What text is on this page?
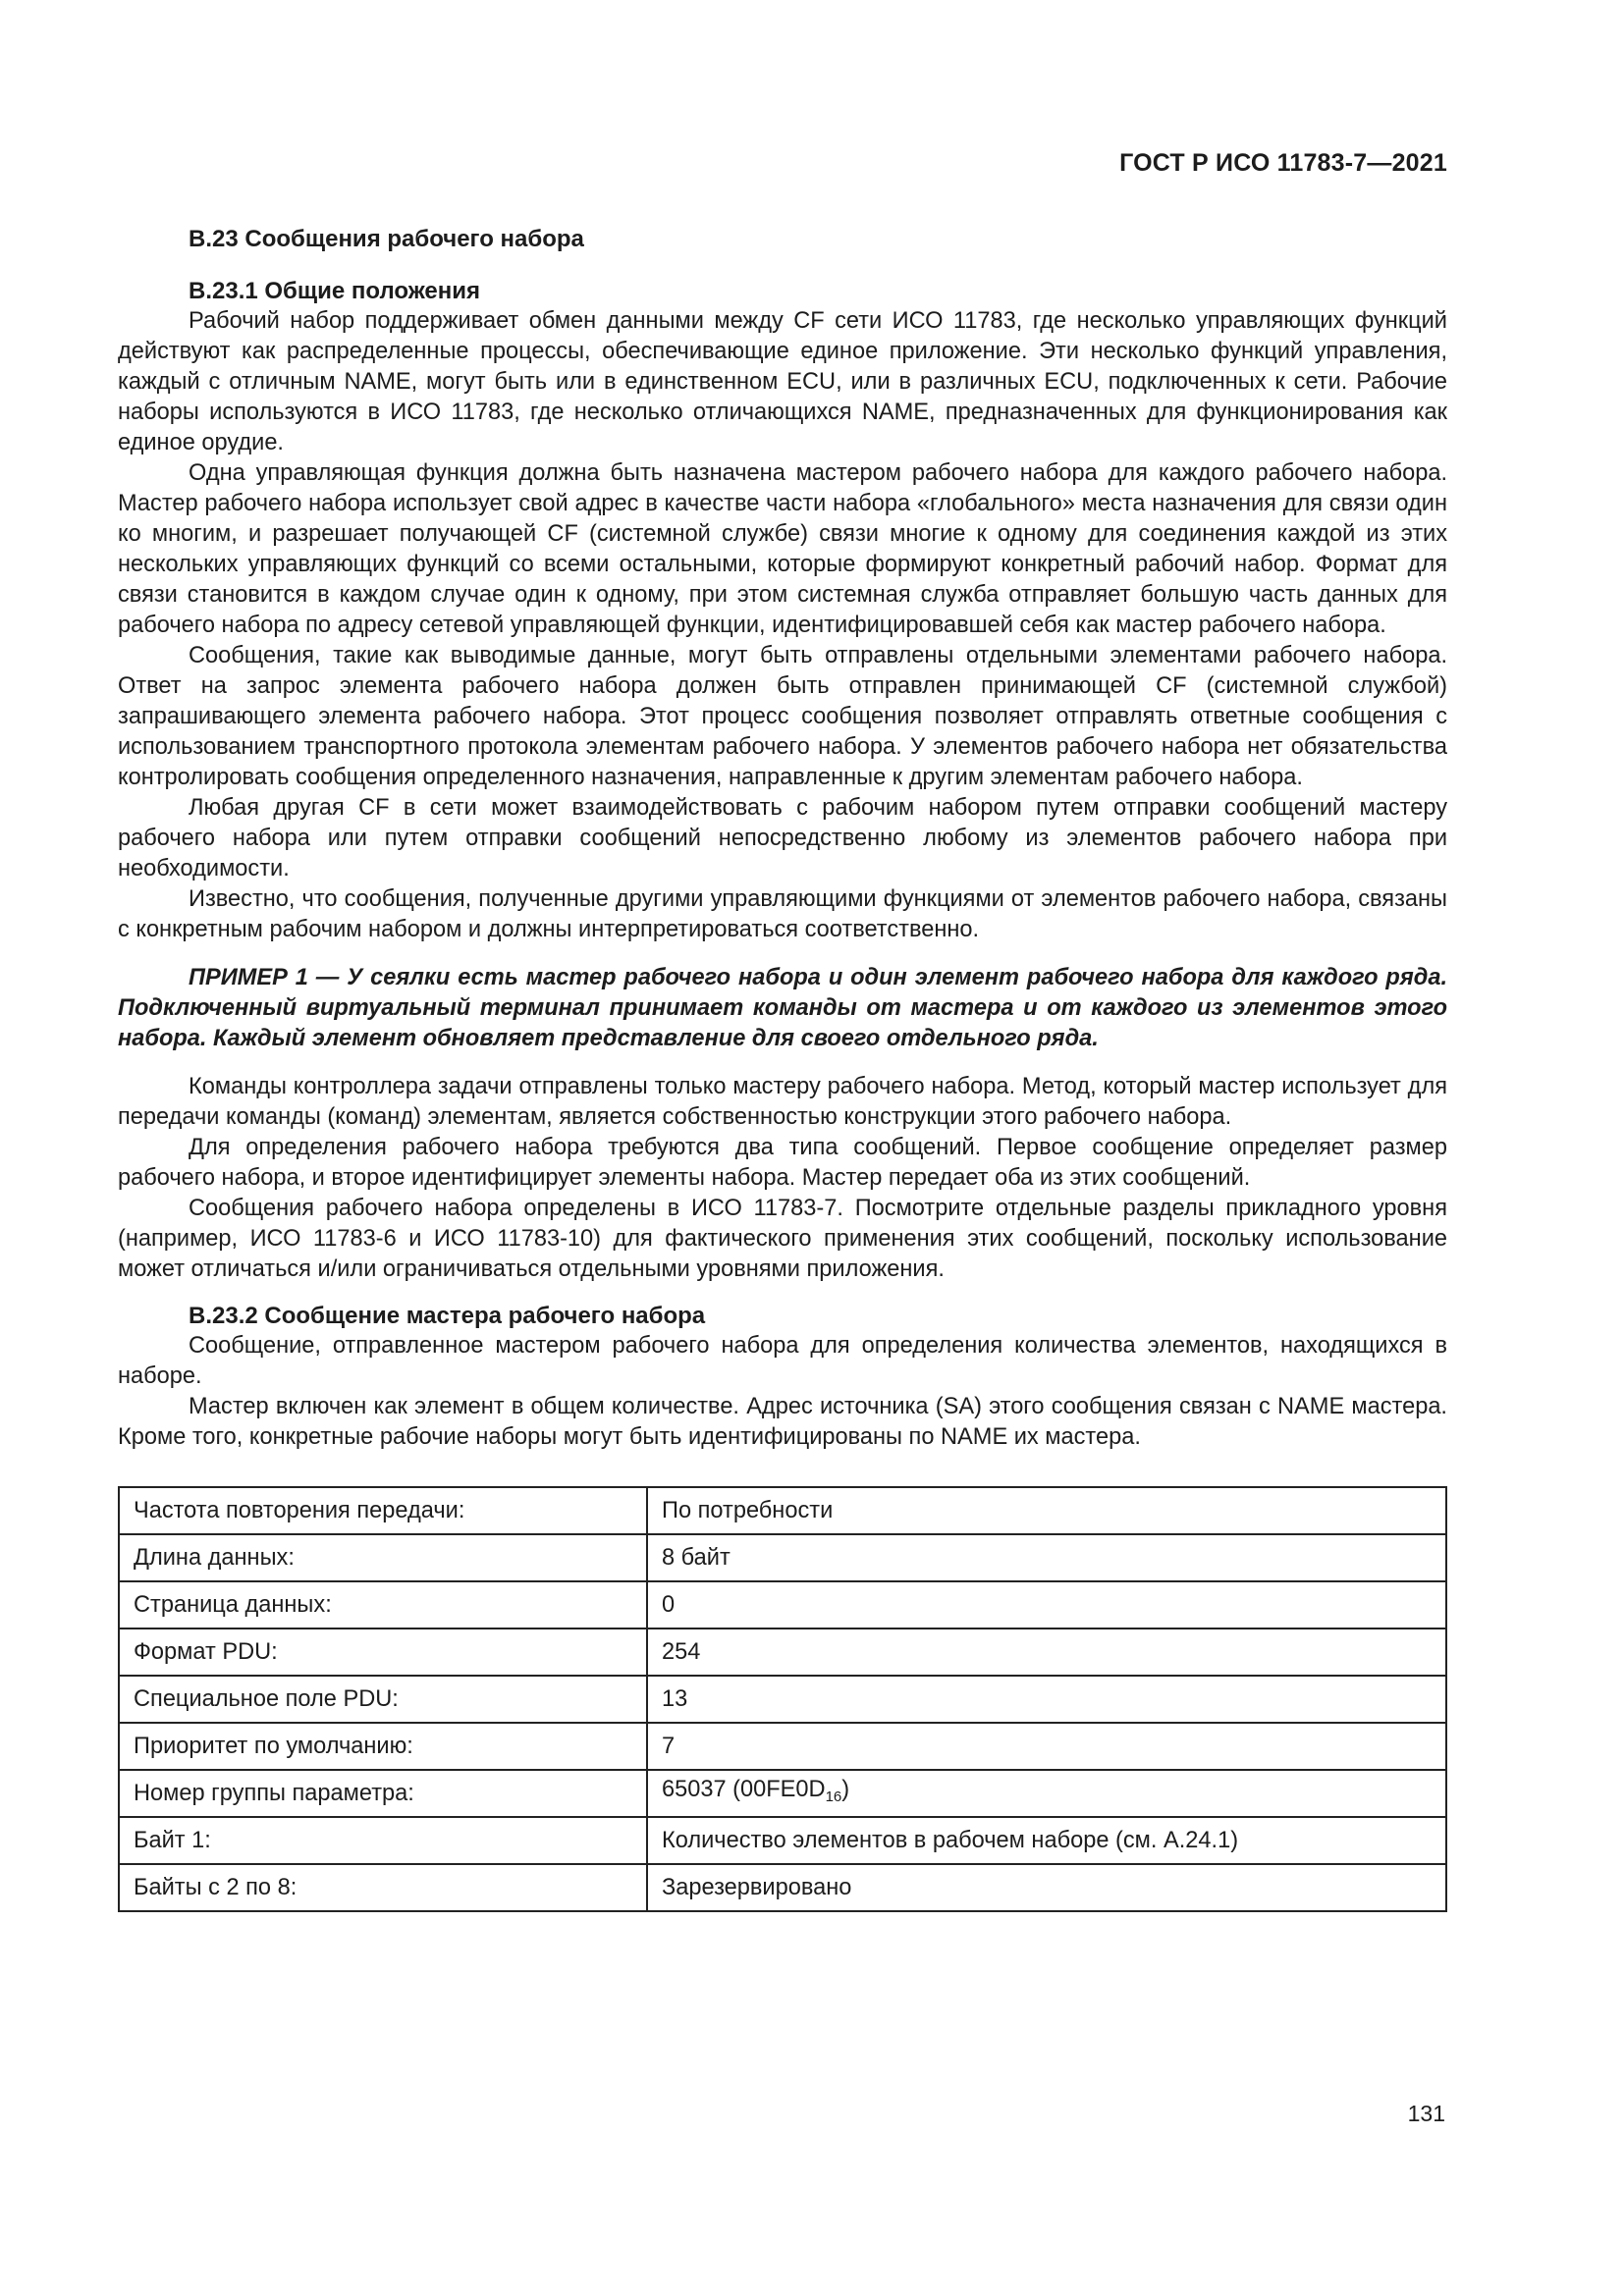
ГОСТ Р ИСО 11783-7—2021
B.23 Сообщения рабочего набора
B.23.1 Общие положения

Рабочий набор поддерживает обмен данными между CF сети ИСО 11783, где несколько управляющих функций действуют как распределенные процессы, обеспечивающие единое приложение. Эти несколько функций управления, каждый с отличным NAME, могут быть или в единственном ECU, или в различных ECU, подключенных к сети. Рабочие наборы используются в ИСО 11783, где несколько отличающихся NAME, предназначенных для функционирования как единое орудие.

Одна управляющая функция должна быть назначена мастером рабочего набора для каждого рабочего набора. Мастер рабочего набора использует свой адрес в качестве части набора «глобального» места назначения для связи один ко многим, и разрешает получающей CF (системной службе) связи многие к одному для соединения каждой из этих нескольких управляющих функций со всеми остальными, которые формируют конкретный рабочий набор. Формат для связи становится в каждом случае один к одному, при этом системная служба отправляет большую часть данных для рабочего набора по адресу сетевой управляющей функции, идентифицировавшей себя как мастер рабочего набора.

Сообщения, такие как выводимые данные, могут быть отправлены отдельными элементами рабочего набора. Ответ на запрос элемента рабочего набора должен быть отправлен принимающей CF (системной службой) запрашивающего элемента рабочего набора. Этот процесс сообщения позволяет отправлять ответные сообщения с использованием транспортного протокола элементам рабочего набора. У элементов рабочего набора нет обязательства контролировать сообщения определенного назначения, направленные к другим элементам рабочего набора.

Любая другая CF в сети может взаимодействовать с рабочим набором путем отправки сообщений мастеру рабочего набора или путем отправки сообщений непосредственно любому из элементов рабочего набора при необходимости.

Известно, что сообщения, полученные другими управляющими функциями от элементов рабочего набора, связаны с конкретным рабочим набором и должны интерпретироваться соответственно.

ПРИМЕР 1 — У сеялки есть мастер рабочего набора и один элемент рабочего набора для каждого ряда. Подключенный виртуальный терминал принимает команды от мастера и от каждого из элементов этого набора. Каждый элемент обновляет представление для своего отдельного ряда.

Команды контроллера задачи отправлены только мастеру рабочего набора. Метод, который мастер использует для передачи команды (команд) элементам, является собственностью конструкции этого рабочего набора.

Для определения рабочего набора требуются два типа сообщений. Первое сообщение определяет размер рабочего набора, и второе идентифицирует элементы набора. Мастер передает оба из этих сообщений.

Сообщения рабочего набора определены в ИСО 11783-7. Посмотрите отдельные разделы прикладного уровня (например, ИСО 11783-6 и ИСО 11783-10) для фактического применения этих сообщений, поскольку использование может отличаться и/или ограничиваться отдельными уровнями приложения.

B.23.2 Сообщение мастера рабочего набора

Сообщение, отправленное мастером рабочего набора для определения количества элементов, находящихся в наборе.

Мастер включен как элемент в общем количестве. Адрес источника (SA) этого сообщения связан с NAME мастера. Кроме того, конкретные рабочие наборы могут быть идентифицированы по NAME их мастера.

Частота повторения передачи:	По потребности
Длина данных:	8 байт
Страница данных:	0
Формат PDU:	254
Специальное поле PDU:	13
Приоритет по умолчанию:	7
Номер группы параметра:	65037 $(00FE0D_{16})$
Байт 1:	Количество элементов в рабочем наборе (см. А.24.1)
Байты с 2 по 8:	Зарезервировано
131
